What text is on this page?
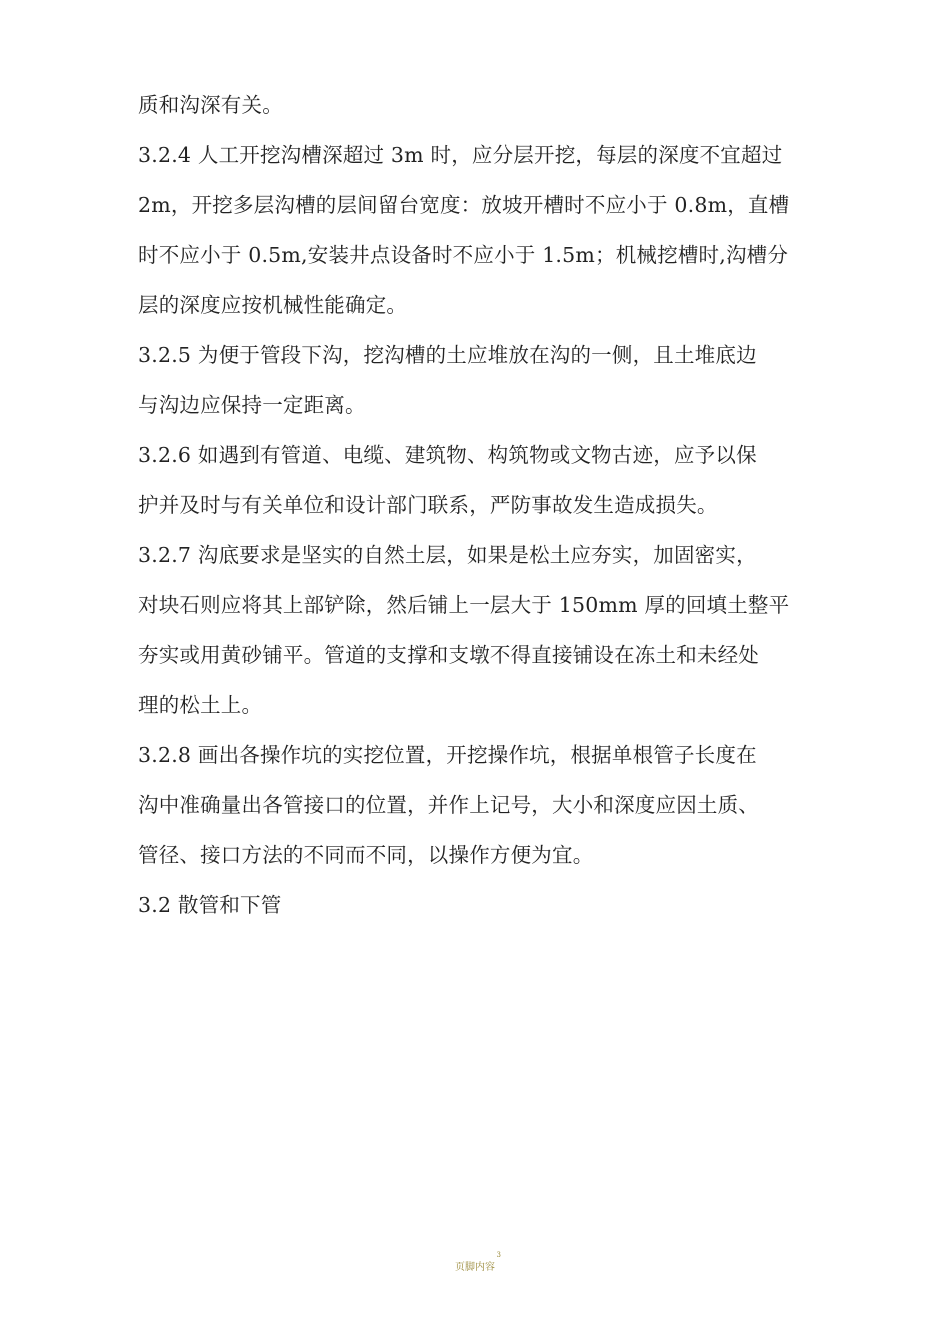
质和沟深有关。
3.2.4 人工开挖沟槽深超过 3m 时，应分层开挖，每层的深度不宜超过
2m，开挖多层沟槽的层间留台宽度：放坡开槽时不应小于 0.8m，直槽
时不应小于 0.5m,安装井点设备时不应小于 1.5m；机械挖槽时,沟槽分
层的深度应按机械性能确定。
3.2.5 为便于管段下沟，挖沟槽的土应堆放在沟的一侧，且土堆底边
与沟边应保持一定距离。
3.2.6 如遇到有管道、电缆、建筑物、构筑物或文物古迹，应予以保
护并及时与有关单位和设计部门联系，严防事故发生造成损失。
3.2.7 沟底要求是坚实的自然土层，如果是松土应夯实，加固密实，
对块石则应将其上部铲除，然后铺上一层大于 150mm 厚的回填土整平
夯实或用黄砂铺平。管道的支撑和支墩不得直接铺设在冻土和未经处
理的松土上。
3.2.8 画出各操作坑的实挖位置，开挖操作坑，根据单根管子长度在
沟中准确量出各管接口的位置，并作上记号，大小和深度应因土质、
管径、接口方法的不同而不同，以操作方便为宜。
3.2 散管和下管
页脚内容
3
